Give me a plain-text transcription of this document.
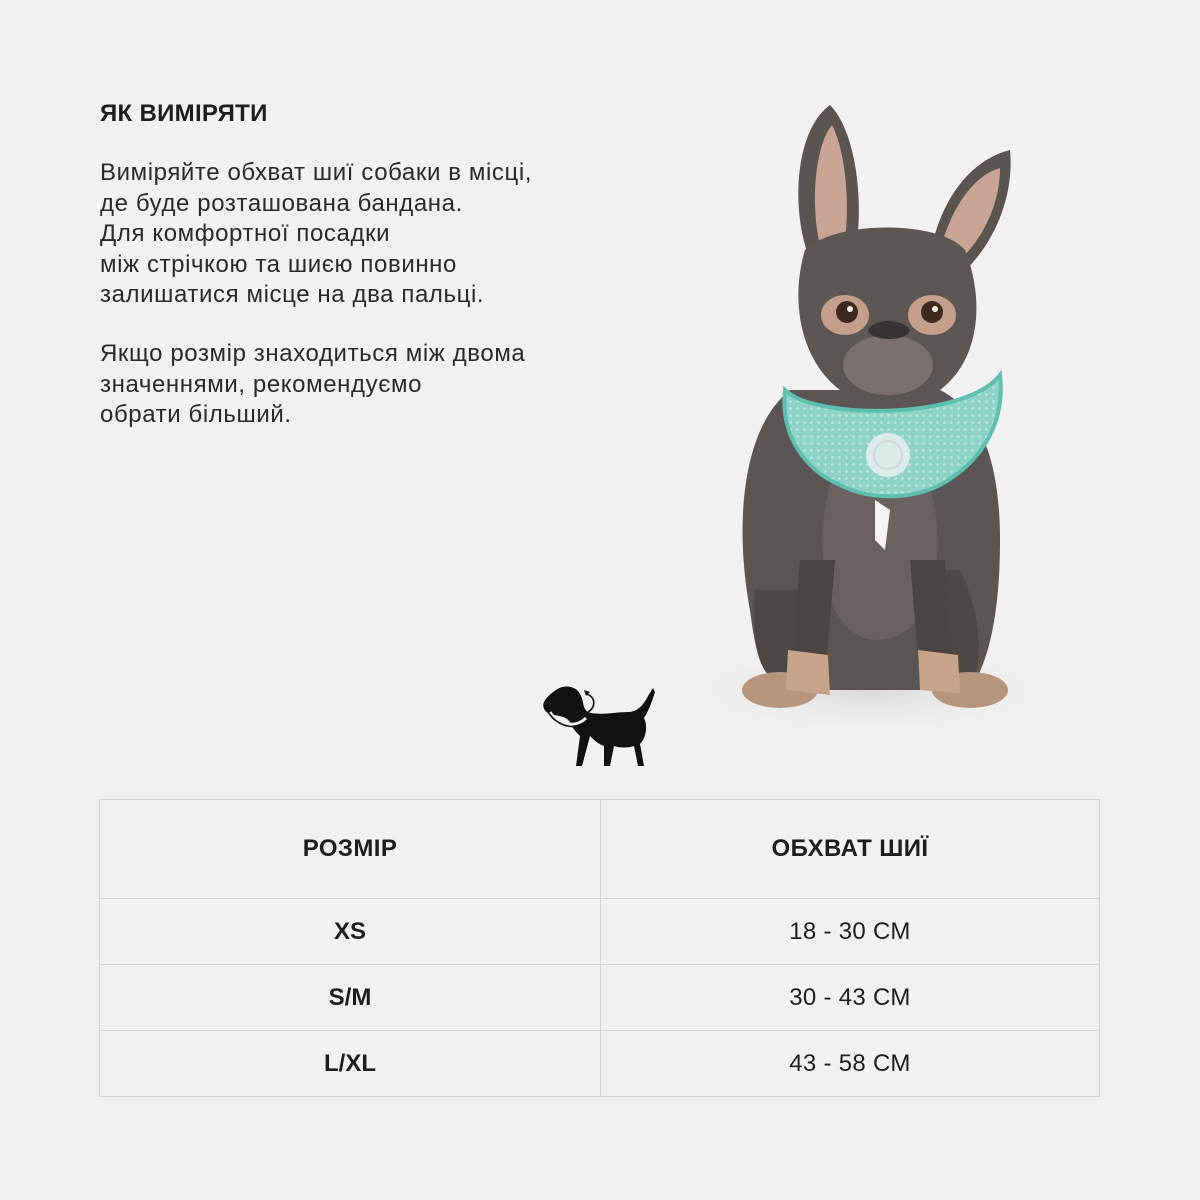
ЯК ВИМІРЯТИ

Виміряйте обхват шиї собаки в місці,
де буде розташована бандана.
Для комфортної посадки
між стрічкою та шиєю повинно
залишатися місце на два пальці.

Якщо розмір знаходиться між двома
значеннями, рекомендуємо
обрати більший.

РОЗМІР	ОБХВАТ ШИЇ
XS	18 - 30 СМ
S/M	30 - 43 СМ
L/XL	43 - 58 СМ
